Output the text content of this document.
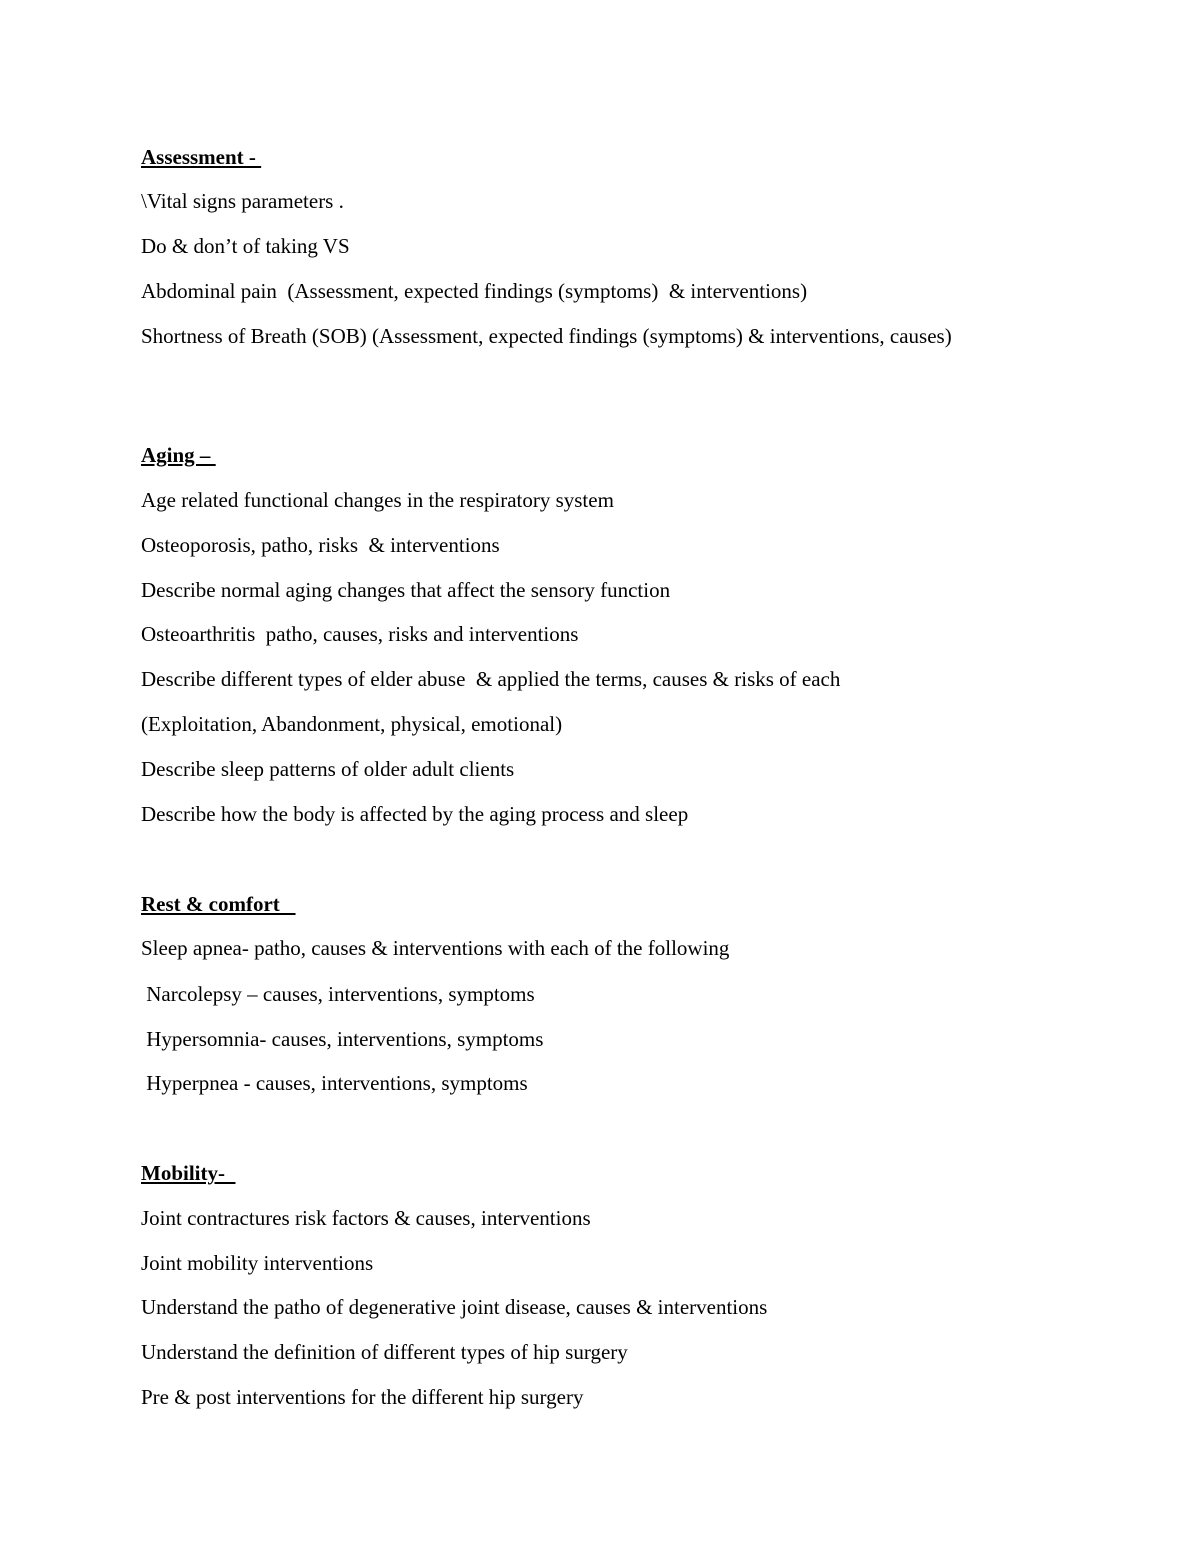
Assessment -
\Vital signs parameters .
Do & don’t of taking VS
Abdominal pain  (Assessment, expected findings (symptoms)  & interventions)
Shortness of Breath (SOB) (Assessment, expected findings (symptoms) & interventions, causes)
Aging –
Age related functional changes in the respiratory system
Osteoporosis, patho, risks  & interventions
Describe normal aging changes that affect the sensory function
Osteoarthritis  patho, causes, risks and interventions
Describe different types of elder abuse  & applied the terms, causes & risks of each
(Exploitation, Abandonment, physical, emotional)
Describe sleep patterns of older adult clients
Describe how the body is affected by the aging process and sleep
Rest & comfort
Sleep apnea- patho, causes & interventions with each of the following
Narcolepsy – causes, interventions, symptoms
Hypersomnia- causes, interventions, symptoms
Hyperpnea - causes, interventions, symptoms
Mobility-
Joint contractures risk factors & causes, interventions
Joint mobility interventions
Understand the patho of degenerative joint disease, causes & interventions
Understand the definition of different types of hip surgery
Pre & post interventions for the different hip surgery
